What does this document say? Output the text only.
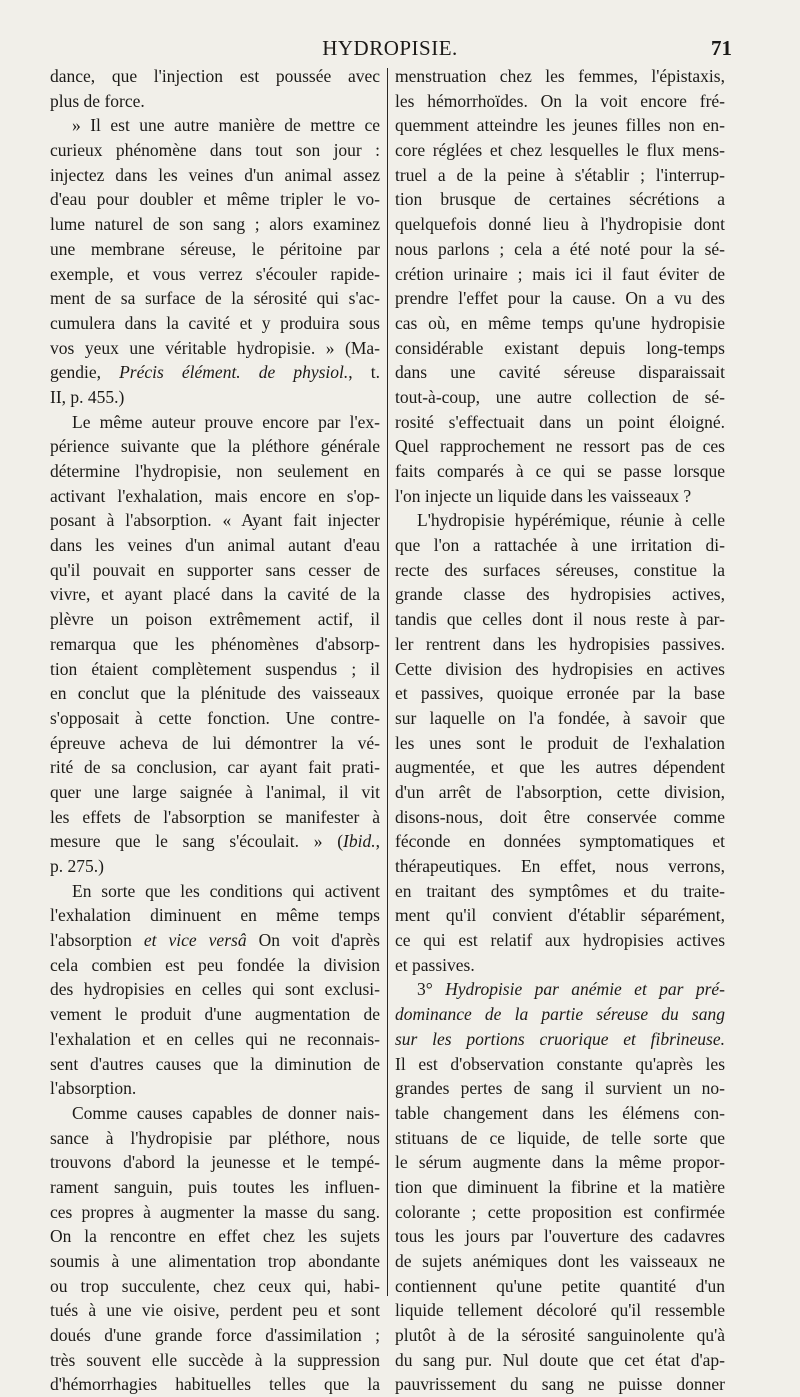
HYDROPISIE.	71
dance, que l'injection est poussée avec
plus de force.
» Il est une autre manière de mettre ce
curieux phénomène dans tout son jour :
injectez dans les veines d'un animal assez
d'eau pour doubler et même tripler le vo-
lume naturel de son sang ; alors examinez
une membrane séreuse, le péritoine par
exemple, et vous verrez s'écouler rapide-
ment de sa surface de la sérosité qui s'ac-
cumulera dans la cavité et y produira sous
vos yeux une véritable hydropisie. » (Ma-
gendie, Précis élément. de physiol., t.
II, p. 455.)
Le même auteur prouve encore par l'ex-
périence suivante que la pléthore générale
détermine l'hydropisie, non seulement en
activant l'exhalation, mais encore en s'op-
posant à l'absorption. « Ayant fait injecter
dans les veines d'un animal autant d'eau
qu'il pouvait en supporter sans cesser de
vivre, et ayant placé dans la cavité de la
plèvre un poison extrêmement actif, il
remarqua que les phénomènes d'absorp-
tion étaient complètement suspendus ; il
en conclut que la plénitude des vaisseaux
s'opposait à cette fonction. Une contre-
épreuve acheva de lui démontrer la vé-
rité de sa conclusion, car ayant fait prati-
quer une large saignée à l'animal, il vit
les effets de l'absorption se manifester à
mesure que le sang s'écoulait. » (Ibid.,
p. 275.)
En sorte que les conditions qui activent
l'exhalation diminuent en même temps
l'absorption et vice versâ On voit d'après
cela combien est peu fondée la division
des hydropisies en celles qui sont exclusi-
vement le produit d'une augmentation de
l'exhalation et en celles qui ne reconnais-
sent d'autres causes que la diminution de
l'absorption.
Comme causes capables de donner nais-
sance à l'hydropisie par pléthore, nous
trouvons d'abord la jeunesse et le tempé-
rament sanguin, puis toutes les influen-
ces propres à augmenter la masse du sang.
On la rencontre en effet chez les sujets
soumis à une alimentation trop abondante
ou trop succulente, chez ceux qui, habi-
tués à une vie oisive, perdent peu et sont
doués d'une grande force d'assimilation ;
très souvent elle succède à la suppression
d'hémorrhagies habituelles telles que la
menstruation chez les femmes, l'épistaxis,
les hémorrhoïdes. On la voit encore fré-
quemment atteindre les jeunes filles non en-
core réglées et chez lesquelles le flux mens-
truel a de la peine à s'établir ; l'interrup-
tion brusque de certaines sécrétions a
quelquefois donné lieu à l'hydropisie dont
nous parlons ; cela a été noté pour la sé-
crétion urinaire ; mais ici il faut éviter de
prendre l'effet pour la cause. On a vu des
cas où, en même temps qu'une hydropisie
considérable existant depuis long-temps
dans une cavité séreuse disparaissait
tout-à-coup, une autre collection de sé-
rosité s'effectuait dans un point éloigné.
Quel rapprochement ne ressort pas de ces
faits comparés à ce qui se passe lorsque
l'on injecte un liquide dans les vaisseaux ?
L'hydropisie hypérémique, réunie à celle
que l'on a rattachée à une irritation di-
recte des surfaces séreuses, constitue la
grande classe des hydropisies actives,
tandis que celles dont il nous reste à par-
ler rentrent dans les hydropisies passives.
Cette division des hydropisies en actives
et passives, quoique erronée par la base
sur laquelle on l'a fondée, à savoir que
les unes sont le produit de l'exhalation
augmentée, et que les autres dépendent
d'un arrêt de l'absorption, cette division,
disons-nous, doit être conservée comme
féconde en données symptomatiques et
thérapeutiques. En effet, nous verrons,
en traitant des symptômes et du traite-
ment qu'il convient d'établir séparément,
ce qui est relatif aux hydropisies actives
et passives.
3° Hydropisie par anémie et par pré-
dominance de la partie séreuse du sang
sur les portions cruorique et fibrineuse.
Il est d'observation constante qu'après les
grandes pertes de sang il survient un no-
table changement dans les élémens con-
stituans de ce liquide, de telle sorte que
le sérum augmente dans la même propor-
tion que diminuent la fibrine et la matière
colorante ; cette proposition est confirmée
tous les jours par l'ouverture des cadavres
de sujets anémiques dont les vaisseaux ne
contiennent qu'une petite quantité d'un
liquide tellement décoloré qu'il ressemble
plutôt à de la sérosité sanguinolente qu'à
du sang pur. Nul doute que cet état d'ap-
pauvrissement du sang ne puisse donner
